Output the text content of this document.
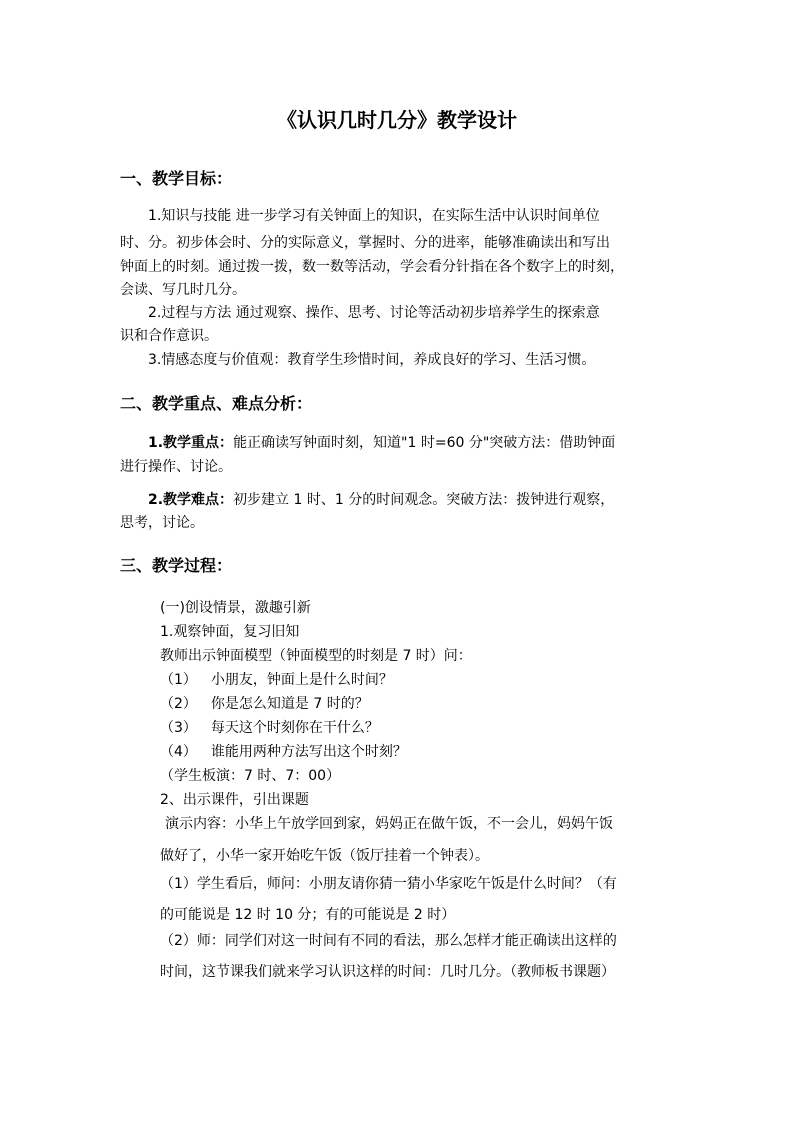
《认识几时几分》教学设计
一、教学目标：
1.知识与技能 进一步学习有关钟面上的知识，在实际生活中认识时间单位
时、分。初步体会时、分的实际意义，掌握时、分的进率，能够准确读出和写出
钟面上的时刻。通过拨一拨，数一数等活动，学会看分针指在各个数字上的时刻，
会读、写几时几分。
2.过程与方法 通过观察、操作、思考、讨论等活动初步培养学生的探索意
识和合作意识。
3.情感态度与价值观：教育学生珍惜时间，养成良好的学习、生活习惯。
二、教学重点、难点分析：
1.教学重点：能正确读写钟面时刻，知道"1 时=60 分"突破方法：借助钟面
进行操作、讨论。
2.教学难点：初步建立 1 时、1 分的时间观念。突破方法：拨钟进行观察，
思考，讨论。
三、教学过程：
(一)创设情景，激趣引新
1.观察钟面，复习旧知
教师出示钟面模型（钟面模型的时刻是 7 时）问：
（1） 小朋友，钟面上是什么时间？
（2） 你是怎么知道是 7 时的？
（3） 每天这个时刻你在干什么？
（4） 谁能用两种方法写出这个时刻？
（学生板演：7 时、7：00）
2、出示课件，引出课题
演示内容：小华上午放学回到家，妈妈正在做午饭，不一会儿，妈妈午饭
做好了，小华一家开始吃午饭（饭厅挂着一个钟表）。
（1）学生看后，师问：小朋友请你猜一猜小华家吃午饭是什么时间？（有
的可能说是 12 时 10 分；有的可能说是 2 时）
（2）师：同学们对这一时间有不同的看法，那么怎样才能正确读出这样的
时间，这节课我们就来学习认识这样的时间：几时几分。（教师板书课题）
